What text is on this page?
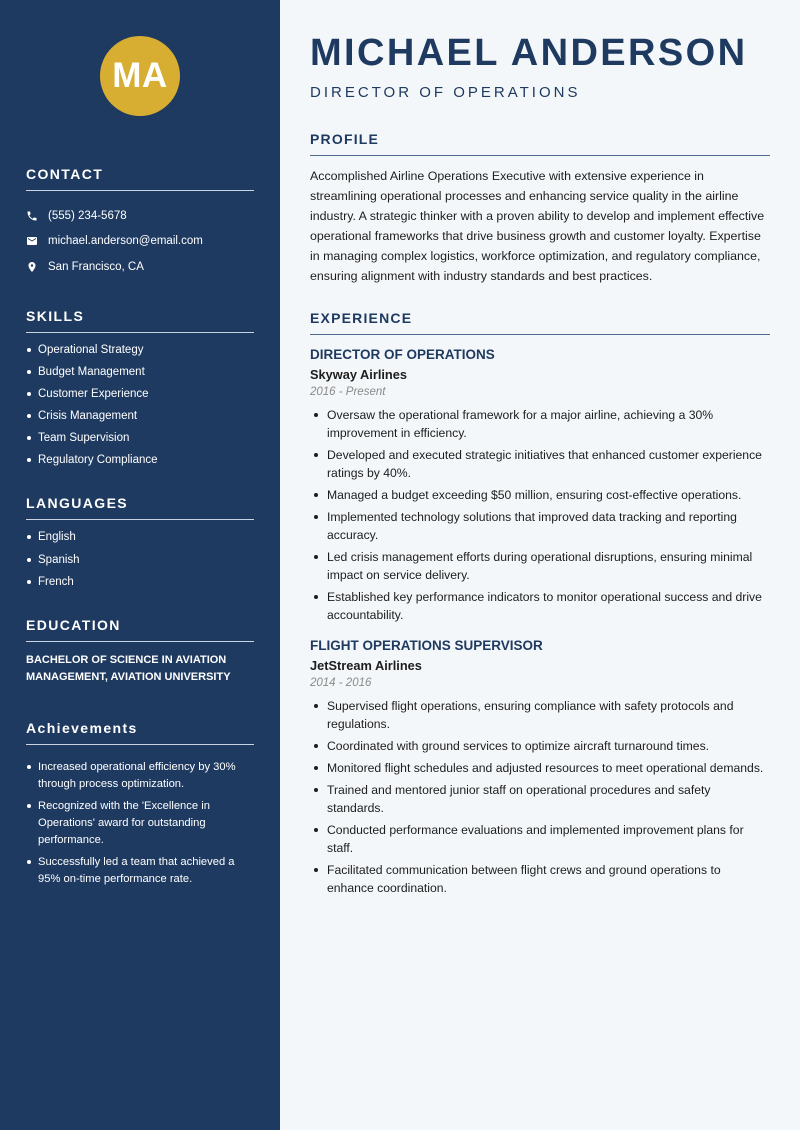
MA
CONTACT
(555) 234-5678
michael.anderson@email.com
San Francisco, CA
SKILLS
Operational Strategy
Budget Management
Customer Experience
Crisis Management
Team Supervision
Regulatory Compliance
LANGUAGES
English
Spanish
French
EDUCATION

BACHELOR OF SCIENCE IN AVIATION MANAGEMENT, AVIATION UNIVERSITY

Achievements
Increased operational efficiency by 30% through process optimization.
Recognized with the 'Excellence in Operations' award for outstanding performance.
Successfully led a team that achieved a 95% on-time performance rate.
MICHAEL ANDERSON
DIRECTOR OF OPERATIONS
PROFILE

Accomplished Airline Operations Executive with extensive experience in streamlining operational processes and enhancing service quality in the airline industry. A strategic thinker with a proven ability to develop and implement effective operational frameworks that drive business growth and customer loyalty. Expertise in managing complex logistics, workforce optimization, and regulatory compliance, ensuring alignment with industry standards and best practices.

EXPERIENCE
DIRECTOR OF OPERATIONS
Skyway Airlines
2016 - Present
Oversaw the operational framework for a major airline, achieving a 30% improvement in efficiency.
Developed and executed strategic initiatives that enhanced customer experience ratings by 40%.
Managed a budget exceeding $50 million, ensuring cost-effective operations.
Implemented technology solutions that improved data tracking and reporting accuracy.
Led crisis management efforts during operational disruptions, ensuring minimal impact on service delivery.
Established key performance indicators to monitor operational success and drive accountability.
FLIGHT OPERATIONS SUPERVISOR
JetStream Airlines
2014 - 2016
Supervised flight operations, ensuring compliance with safety protocols and regulations.
Coordinated with ground services to optimize aircraft turnaround times.
Monitored flight schedules and adjusted resources to meet operational demands.
Trained and mentored junior staff on operational procedures and safety standards.
Conducted performance evaluations and implemented improvement plans for staff.
Facilitated communication between flight crews and ground operations to enhance coordination.
